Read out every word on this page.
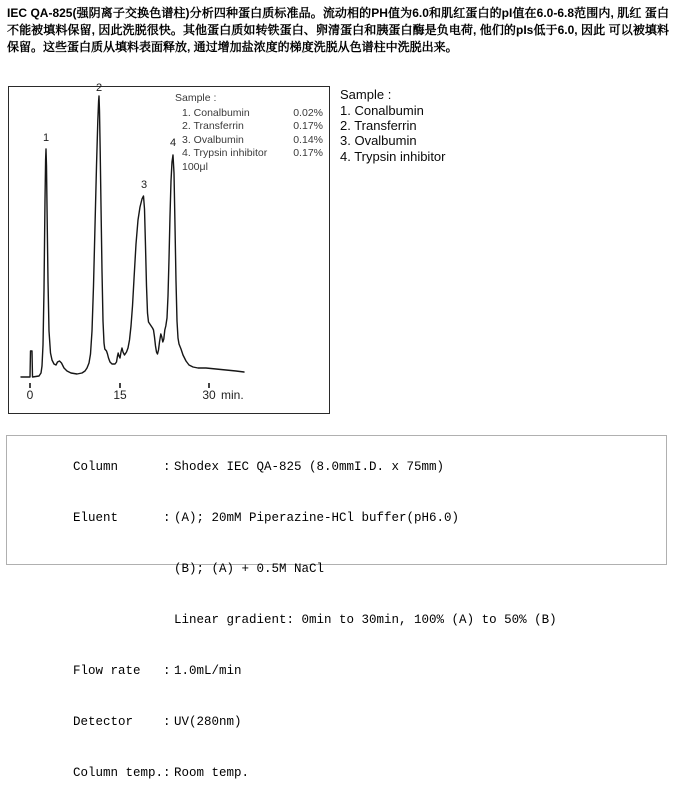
IEC QA-825(强阴离子交换色谱柱)分析四种蛋白质标准品。流动相的PH值为6.0和肌红蛋白的pI值在6.0-6.8范围内, 肌红 蛋白不能被填料保留, 因此洗脱很快。其他蛋白质如转铁蛋白、卵清蛋白和胰蛋白酶是负电荷, 他们的pIs低于6.0, 因此 可以被填料保留。这些蛋白质从填料表面释放, 通过增加盐浓度的梯度洗脱从色谱柱中洗脱出来。

1
2
3
4
0	15	30 min.
Sample :
1. Conalbumin	0.02%
2. Transferrin	0.17%
3. Ovalbumin	0.14%
4. Trypsin inhibitor 0.17%
100μl
Sample :
1. Conalbumin
2. Transferrin
3. Ovalbumin
4. Trypsin inhibitor

Column	: Shodex IEC QA-825 (8.0mmI.D. x 75mm)

Eluent	: (A); 20mM Piperazine-HCl buffer(pH6.0)

(B); (A) + 0.5M NaCl

Linear gradient: 0min to 30min, 100% (A) to 50% (B)

Flow rate : 1.0mL/min

Detector : UV(280nm)

Column temp.: Room temp.
